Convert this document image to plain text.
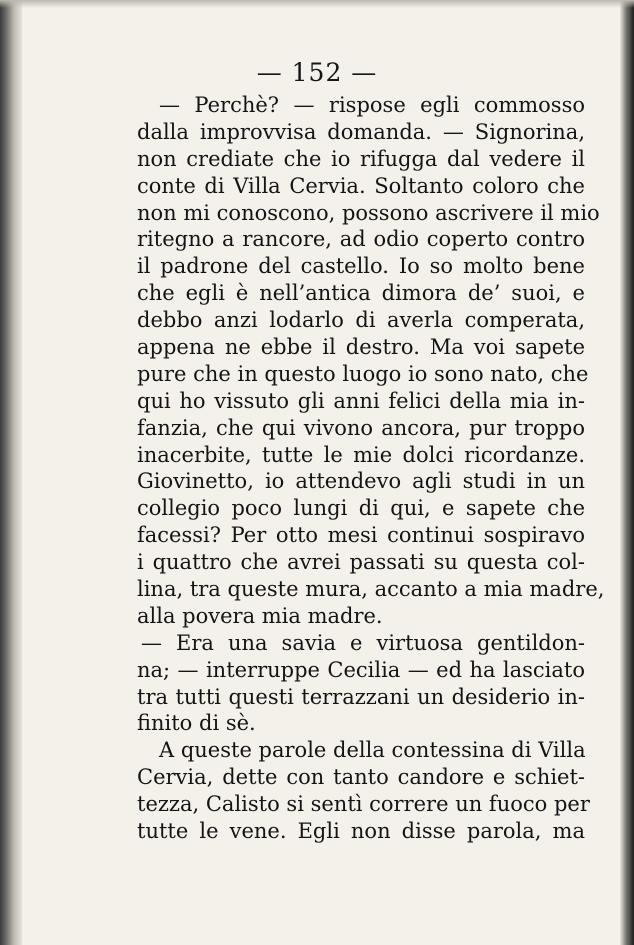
— 152 —
— Perchè? — rispose egli commosso
dalla improvvisa domanda. — Signorina,
non crediate che io rifugga dal vedere il
conte di Villa Cervia. Soltanto coloro che
non mi conoscono, possono ascrivere il mio
ritegno a rancore, ad odio coperto contro
il padrone del castello. Io so molto bene
che egli è nell’antica dimora de’ suoi, e
debbo anzi lodarlo di averla comperata,
appena ne ebbe il destro. Ma voi sapete
pure che in questo luogo io sono nato, che
qui ho vissuto gli anni felici della mia in-
fanzia, che qui vivono ancora, pur troppo
inacerbite, tutte le mie dolci ricordanze.
Giovinetto, io attendevo agli studi in un
collegio poco lungi di qui, e sapete che
facessi? Per otto mesi continui sospiravo
i quattro che avrei passati su questa col-
lina, tra queste mura, accanto a mia madre,
alla povera mia madre.
— Era una savia e virtuosa gentildon-
na; — interruppe Cecilia — ed ha lasciato
tra tutti questi terrazzani un desiderio in-
finito di sè.
A queste parole della contessina di Villa
Cervia, dette con tanto candore e schiet-
tezza, Calisto si sentì correre un fuoco per
tutte le vene. Egli non disse parola, ma
